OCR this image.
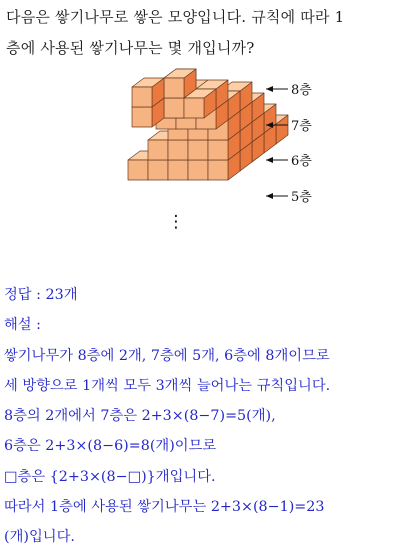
다음은 쌓기나무로 쌓은 모양입니다. 규칙에 따라 1
층에 사용된 쌓기나무는 몇 개입니까?
8층
7층
6층
5층
⋮
정답 : 23개
해설 :
쌓기나무가 8층에 2개, 7층에 5개, 6층에 8개이므로
세 방향으로 1개씩 모두 3개씩 늘어나는 규칙입니다.
8층의 2개에서 7층은 2+3×(8−7)=5(개),
6층은 2+3×(8−6)=8(개)이므로
□층은 {2+3×(8−□)}개입니다.
따라서 1층에 사용된 쌓기나무는 2+3×(8−1)=23
(개)입니다.
